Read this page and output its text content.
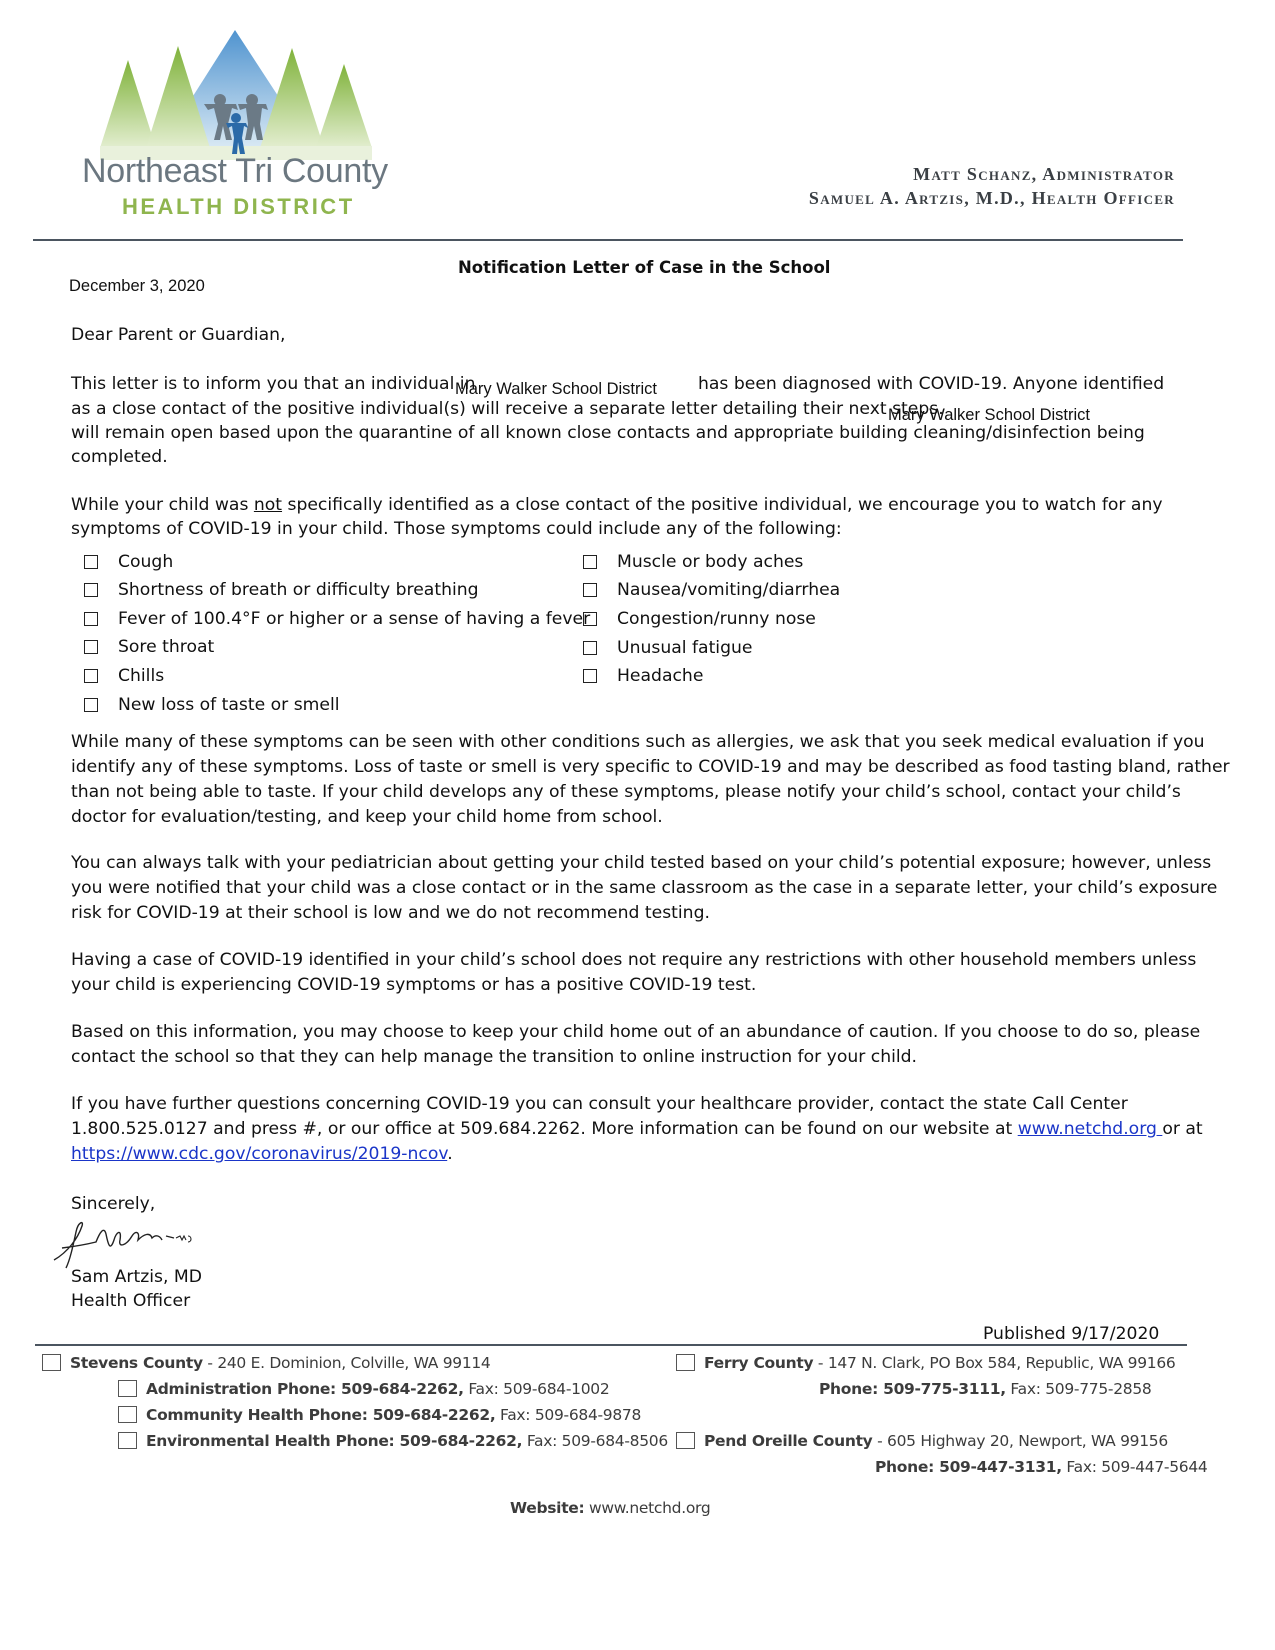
Northeast Tri County
HEALTH DISTRICT
Matt Schanz, Administrator
Samuel A. Artzis, M.D., Health Officer
Notification Letter of Case in the School
December 3, 2020
Dear Parent or Guardian,
This letter is to inform you that an individual in
Mary Walker School District has been diagnosed with COVID-19. Anyone identified
as a close contact of the positive individual(s) will receive a separate letter detailing their next steps.
Mary Walker School District
will remain open based upon the quarantine of all known close contacts and appropriate building cleaning/disinfection being
completed.
While your child was not specifically identified as a close contact of the positive individual, we encourage you to watch for any
symptoms of COVID-19 in your child. Those symptoms could include any of the following:
Cough
Shortness of breath or difficulty breathing
Fever of 100.4°F or higher or a sense of having a fever
Sore throat
Chills
New loss of taste or smell
Muscle or body aches
Nausea/vomiting/diarrhea
Congestion/runny nose
Unusual fatigue
Headache
While many of these symptoms can be seen with other conditions such as allergies, we ask that you seek medical evaluation if you
identify any of these symptoms. Loss of taste or smell is very specific to COVID-19 and may be described as food tasting bland, rather
than not being able to taste. If your child develops any of these symptoms, please notify your child’s school, contact your child’s
doctor for evaluation/testing, and keep your child home from school.
You can always talk with your pediatrician about getting your child tested based on your child’s potential exposure; however, unless
you were notified that your child was a close contact or in the same classroom as the case in a separate letter, your child’s exposure
risk for COVID-19 at their school is low and we do not recommend testing.
Having a case of COVID-19 identified in your child’s school does not require any restrictions with other household members unless
your child is experiencing COVID-19 symptoms or has a positive COVID-19 test.
Based on this information, you may choose to keep your child home out of an abundance of caution. If you choose to do so, please
contact the school so that they can help manage the transition to online instruction for your child.
If you have further questions concerning COVID-19 you can consult your healthcare provider, contact the state Call Center
1.800.525.0127 and press #, or our office at 509.684.2262. More information can be found on our website at www.netchd.org or at
https://www.cdc.gov/coronavirus/2019-ncov.
Sincerely,
Sam Artzis, MD
Health Officer
Published 9/17/2020
Stevens County - 240 E. Dominion, Colville, WA 99114
Administration Phone: 509-684-2262, Fax: 509-684-1002
Community Health Phone: 509-684-2262, Fax: 509-684-9878
Environmental Health Phone: 509-684-2262, Fax: 509-684-8506
Ferry County - 147 N. Clark, PO Box 584, Republic, WA 99166
Phone: 509-775-3111, Fax: 509-775-2858
Pend Oreille County - 605 Highway 20, Newport, WA 99156
Phone: 509-447-3131, Fax: 509-447-5644
Website: www.netchd.org
